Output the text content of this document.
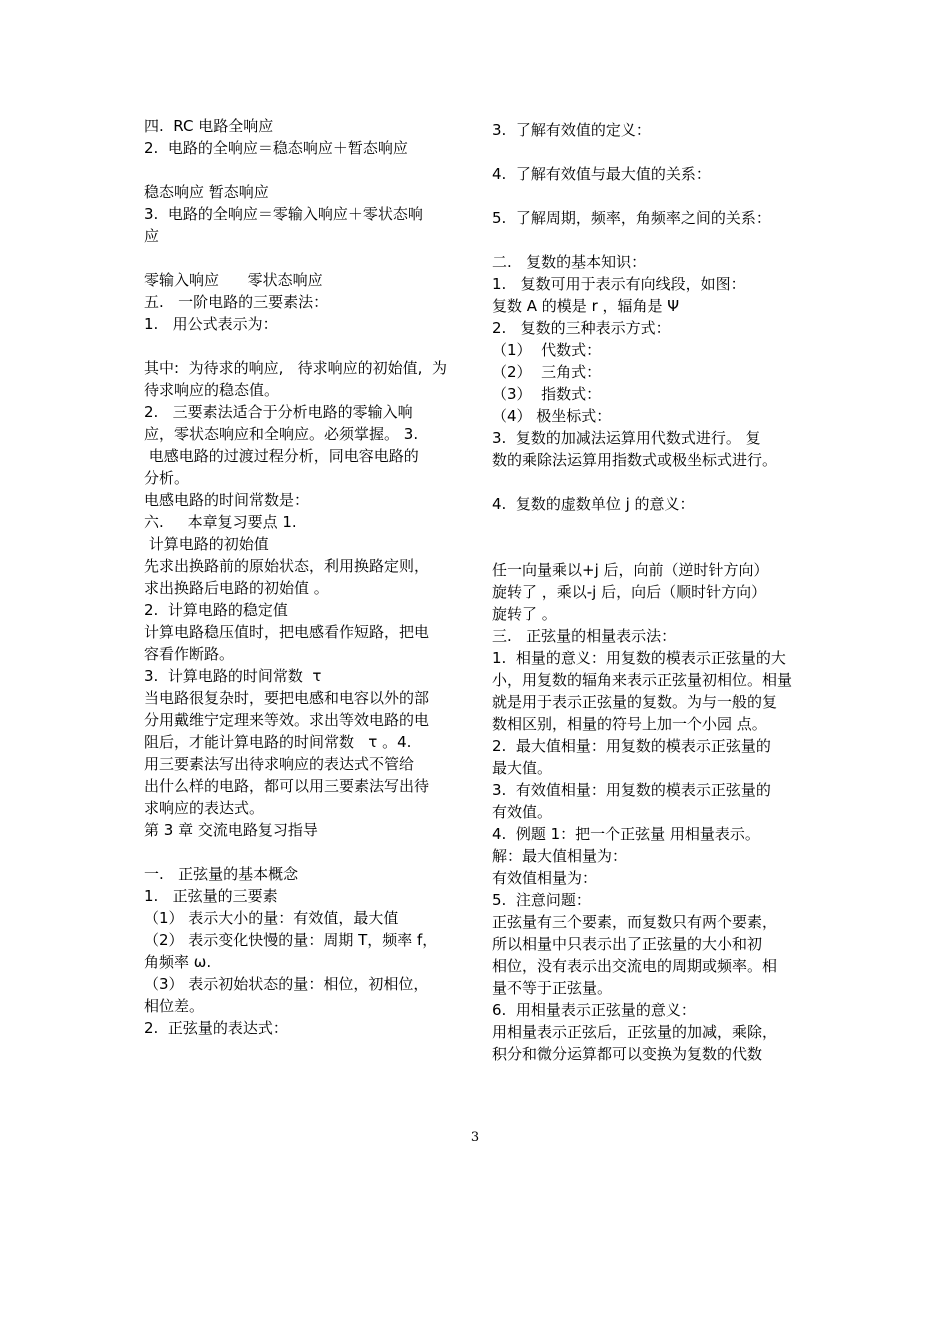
四.  RC 电路全响应
2.  电路的全响应＝稳态响应＋暂态响应
稳态响应 暂态响应
3.  电路的全响应＝零输入响应＋零状态响
应
零输入响应      零状态响应
五.   一阶电路的三要素法：
1.   用公式表示为：
其中:  为待求的响应,   待求响应的初始值,  为
待求响应的稳态值。
2.   三要素法适合于分析电路的零输入响
应，零状态响应和全响应。必须掌握。 3.
电感电路的过渡过程分析，同电容电路的
分析。
电感电路的时间常数是：
六.     本章复习要点 1.
计算电路的初始值
先求出换路前的原始状态，利用换路定则，
求出换路后电路的初始值 。
2.  计算电路的稳定值
计算电路稳压值时，把电感看作短路，把电
容看作断路。
3.  计算电路的时间常数  τ
当电路很复杂时，要把电感和电容以外的部
分用戴维宁定理来等效。求出等效电路的电
阻后，才能计算电路的时间常数   τ 。4.
用三要素法写出待求响应的表达式不管给
出什么样的电路，都可以用三要素法写出待
求响应的表达式。
第 3 章 交流电路复习指导
一.   正弦量的基本概念
1.   正弦量的三要素
（1） 表示大小的量：有效值，最大值
（2） 表示变化快慢的量：周期 T，频率 f，
角频率 ω.
（3） 表示初始状态的量：相位，初相位，
相位差。
2.  正弦量的表达式：
3.  了解有效值的定义：
4.  了解有效值与最大值的关系：
5.  了解周期，频率，角频率之间的关系：
二.   复数的基本知识：
1.   复数可用于表示有向线段，如图：
复数 A 的模是 r ，辐角是 Ψ
2.   复数的三种表示方式：
（1）  代数式：
（2）  三角式：
（3）  指数式：
（4） 极坐标式：
3.  复数的加减法运算用代数式进行。 复
数的乘除法运算用指数式或极坐标式进行。
4.  复数的虚数单位 j 的意义：
任一向量乘以+j 后，向前（逆时针方向）
旋转了 ，乘以-j 后，向后（顺时针方向）
旋转了 。
三.   正弦量的相量表示法：
1.  相量的意义：用复数的模表示正弦量的大
小，用复数的辐角来表示正弦量初相位。相量
就是用于表示正弦量的复数。为与一般的复
数相区别，相量的符号上加一个小园 点。
2.  最大值相量：用复数的模表示正弦量的
最大值。
3.  有效值相量：用复数的模表示正弦量的
有效值。
4.  例题 1：把一个正弦量 用相量表示。
解：最大值相量为：
有效值相量为：
5.  注意问题：
正弦量有三个要素，而复数只有两个要素，
所以相量中只表示出了正弦量的大小和初
相位，没有表示出交流电的周期或频率。相
量不等于正弦量。
6.  用相量表示正弦量的意义：
用相量表示正弦后，正弦量的加减，乘除，
积分和微分运算都可以变换为复数的代数
3
